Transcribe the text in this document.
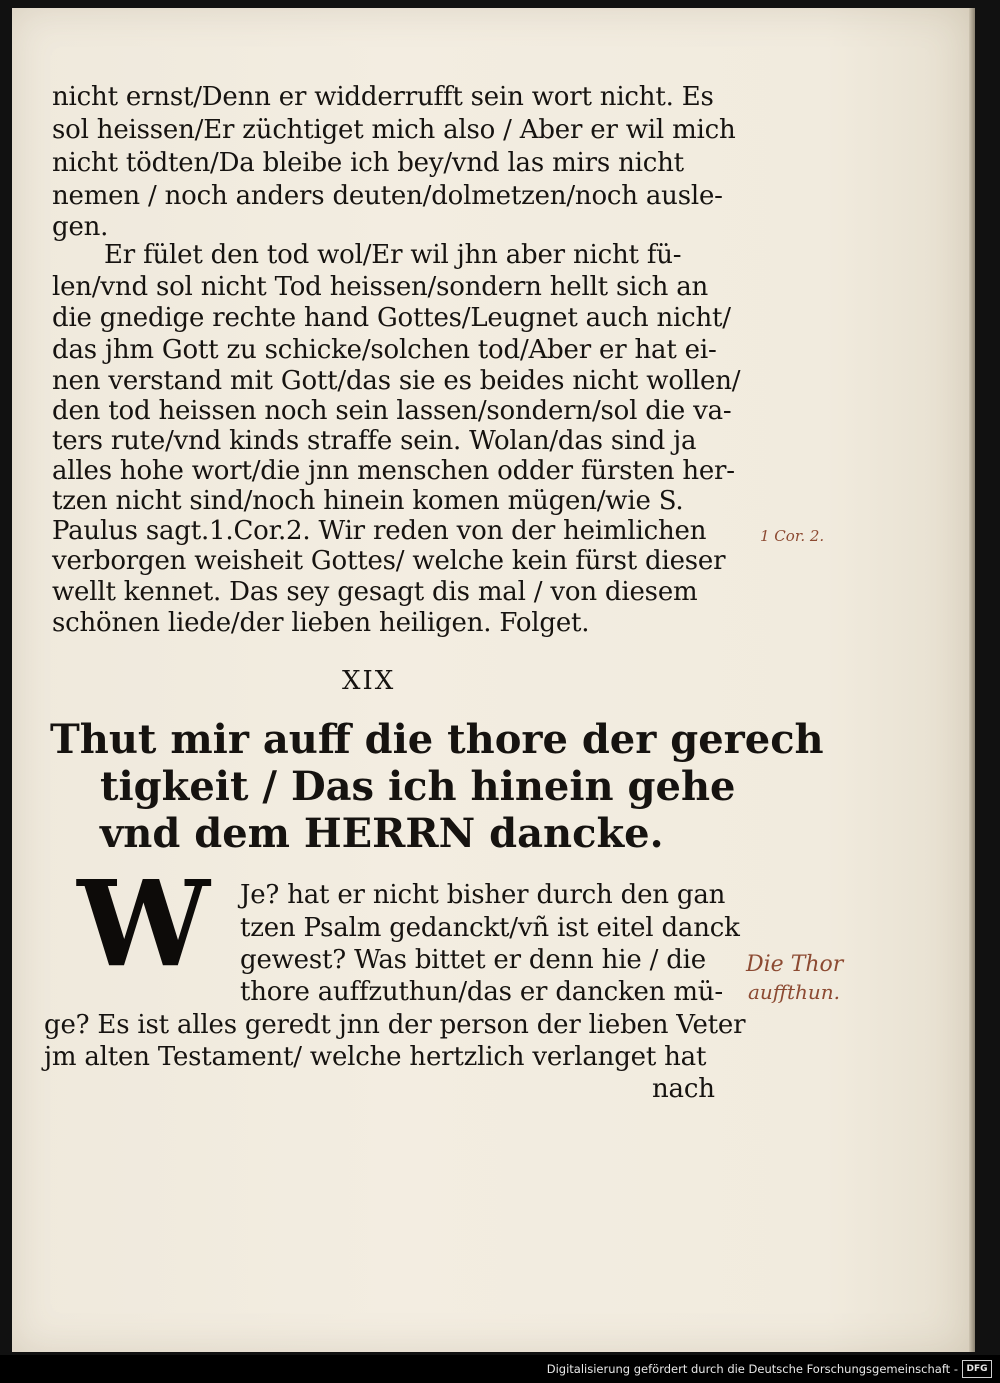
nicht ernst/Denn er widderrufft sein wort nicht. Es
sol heissen/Er züchtiget mich also / Aber er wil mich
nicht tödten/Da bleibe ich bey/vnd las mirs nicht
nemen / noch anders deuten/dolmetzen/noch ausle-
gen.
Er fület den tod wol/Er wil jhn aber nicht fü-
len/vnd sol nicht Tod heissen/sondern hellt sich an
die gnedige rechte hand Gottes/Leugnet auch nicht/
das jhm Gott zu schicke/solchen tod/Aber er hat ei-
nen verstand mit Gott/das sie es beides nicht wollen/
den tod heissen noch sein lassen/sondern/sol die va-
ters rute/vnd kinds straffe sein. Wolan/das sind ja
alles hohe wort/die jnn menschen odder fürsten her-
tzen nicht sind/noch hinein komen mügen/wie S.
Paulus sagt.1.Cor.2. Wir reden von der heimlichen
verborgen weisheit Gottes/ welche kein fürst dieser
wellt kennet. Das sey gesagt dis mal / von diesem
schönen liede/der lieben heiligen. Folget.
1 Cor. 2.
XIX
Thut mir auff die thore der gerech
tigkeit / Das ich hinein gehe
vnd dem HERRN dancke.
W	Je? hat er nicht bisher durch den gan
tzen Psalm gedanckt/vñ ist eitel danck
gewest? Was bittet er denn hie / die
thore auffzuthun/das er dancken mü-
ge? Es ist alles geredt jnn der person der lieben Veter
jm alten Testament/ welche hertzlich verlanget hat
nach
Die Thor
auffthun.
Digitalisierung gefördert durch die Deutsche Forschungsgemeinschaft - DFG
